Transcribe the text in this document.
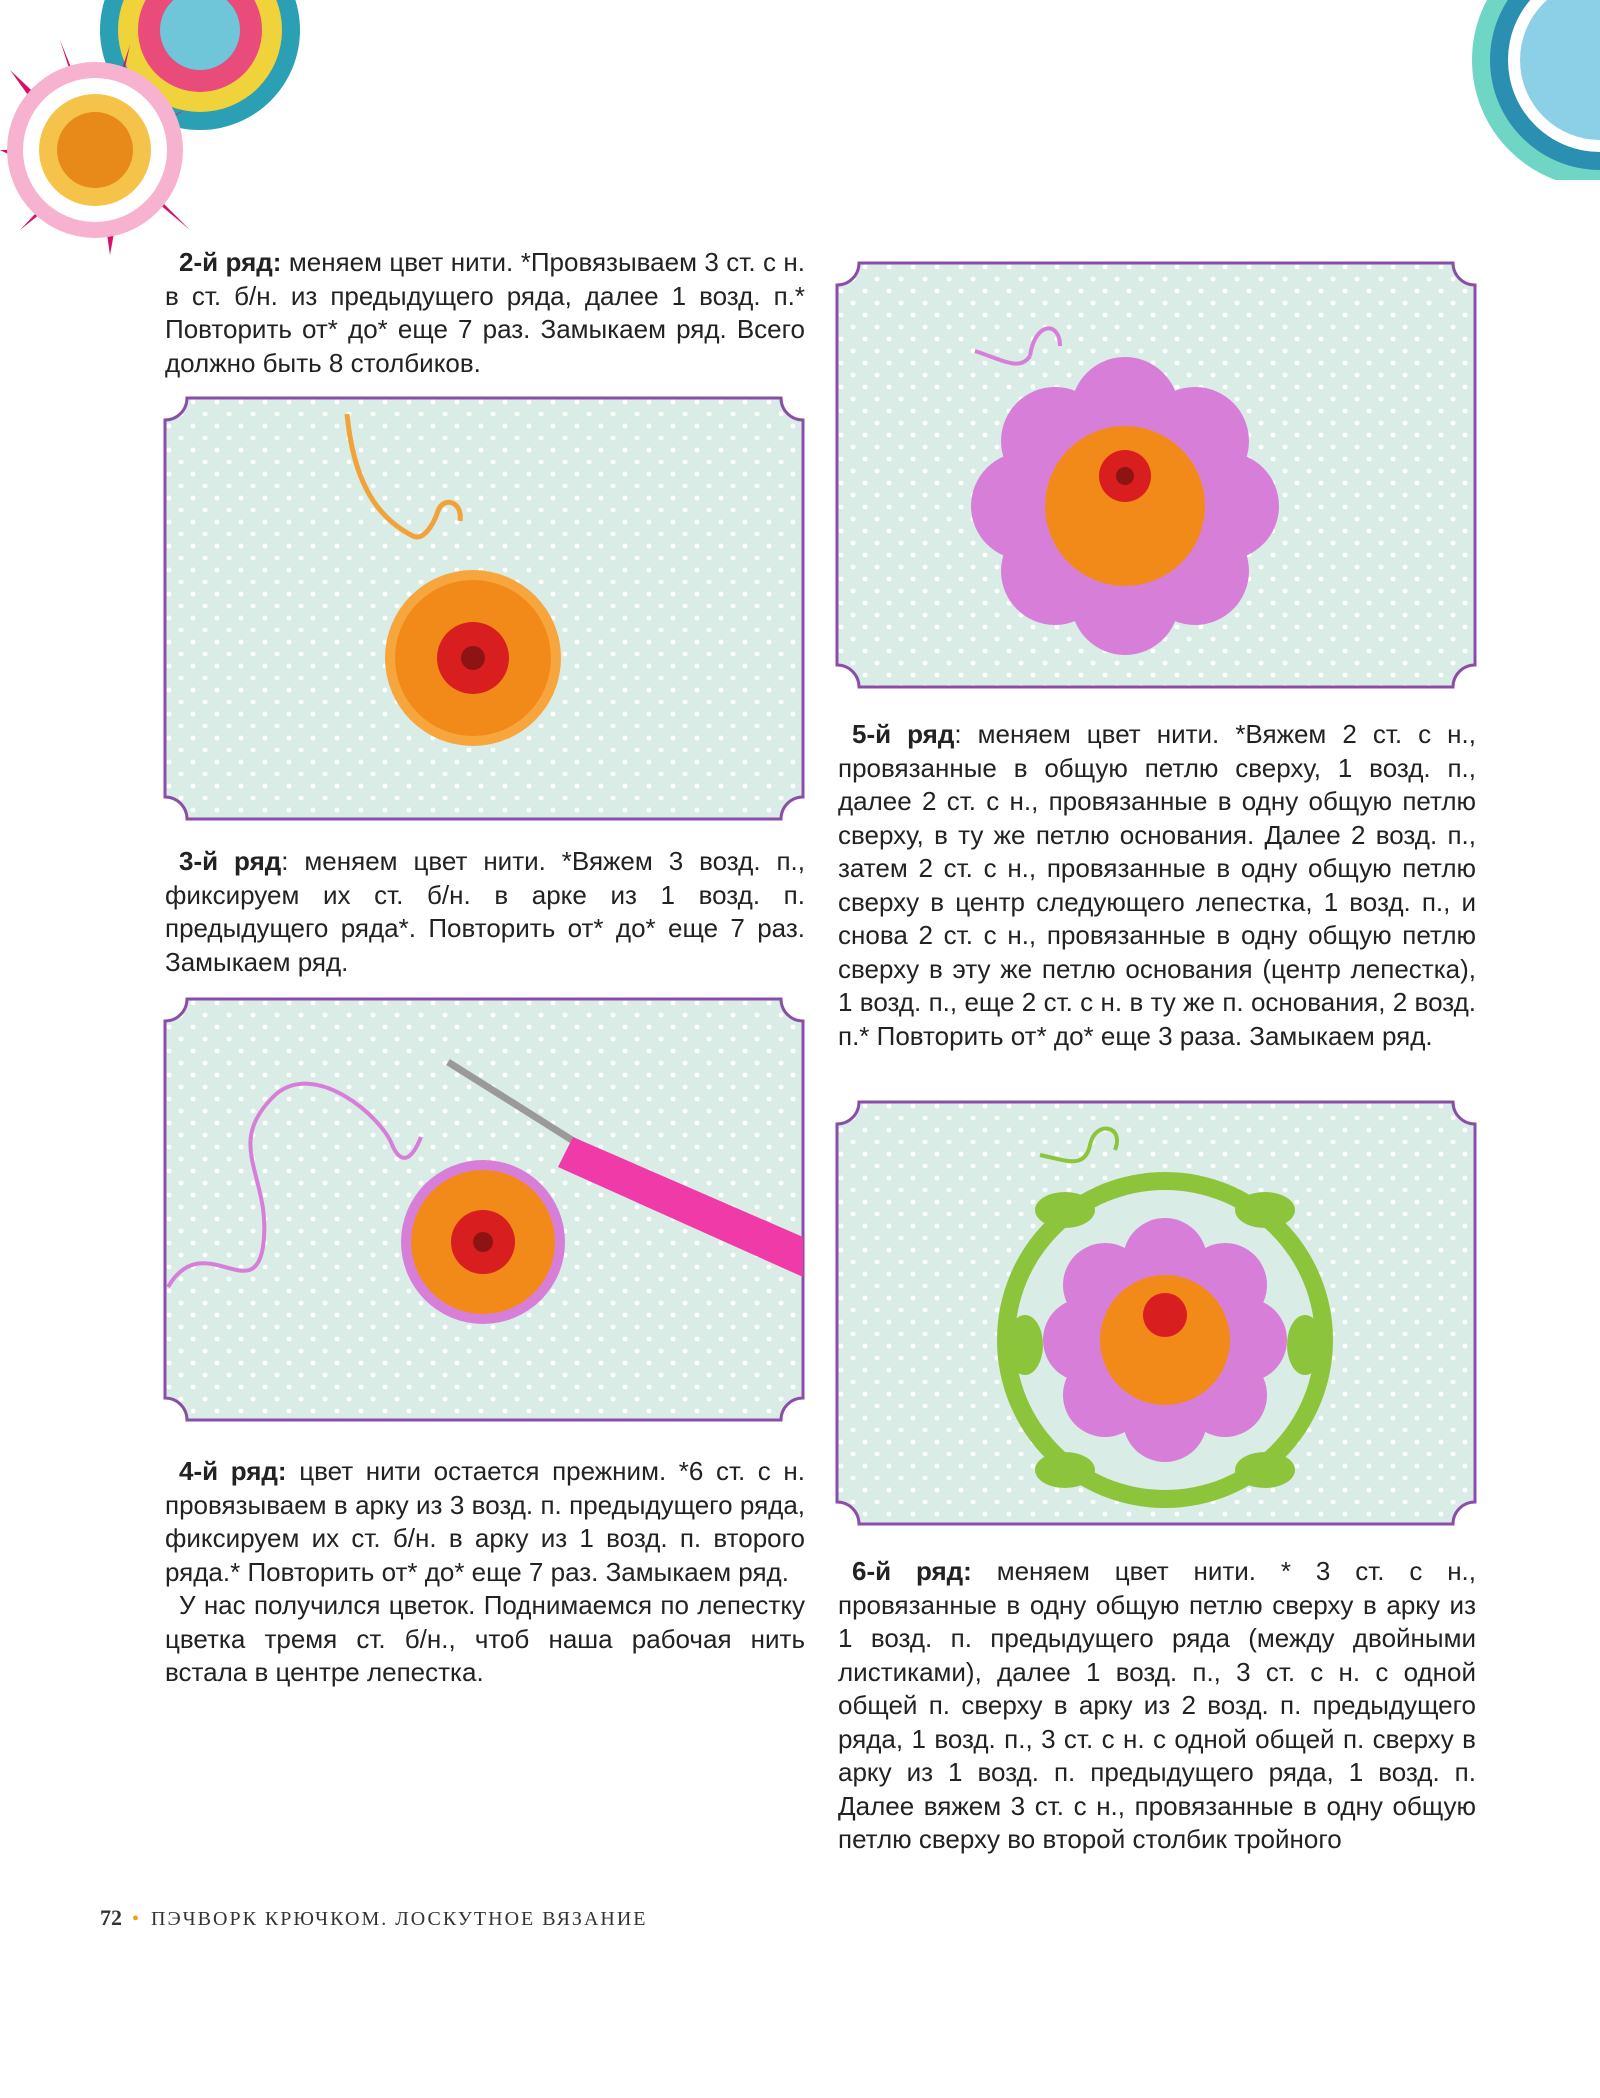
2-й ряд: меняем цвет нити. *Провязываем 3 ст. с н. в ст. б/н. из предыдущего ряда, далее 1 возд. п.* Повторить от* до* еще 7 раз. Замыкаем ряд. Всего должно быть 8 столбиков.

3-й ряд: меняем цвет нити. *Вяжем 3 возд. п., фиксируем их ст. б/н. в арке из 1 возд. п. предыдущего ряда*. Повторить от* до* еще 7 раз. Замыкаем ряд.

4-й ряд: цвет нити остается прежним. *6 ст. с н. провязываем в арку из 3 возд. п. предыдущего ряда, фиксируем их ст. б/н. в арку из 1 возд. п. второго ряда.* Повторить от* до* еще 7 раз. Замыкаем ряд.

У нас получился цветок. Поднимаемся по лепестку цветка тремя ст. б/н., чтоб наша рабочая нить встала в центре лепестка.

5-й ряд: меняем цвет нити. *Вяжем 2 ст. с н., провязанные в общую петлю сверху, 1 возд. п., далее 2 ст. с н., провязанные в одну общую петлю сверху, в ту же петлю основания. Далее 2 возд. п., затем 2 ст. с н., провязанные в одну общую петлю сверху в центр следующего лепестка, 1 возд. п., и снова 2 ст. с н., провязанные в одну общую петлю сверху в эту же петлю основания (центр лепестка), 1 возд. п., еще 2 ст. с н. в ту же п. основания, 2 возд. п.* Повторить от* до* еще 3 раза. Замыкаем ряд.

6-й ряд: меняем цвет нити. * 3 ст. с н., провязанные в одну общую петлю сверху в арку из 1 возд. п. предыдущего ряда (между двойными листиками), далее 1 возд. п., 3 ст. с н. с одной общей п. сверху в арку из 2 возд. п. предыдущего ряда, 1 возд. п., 3 ст. с н. с одной общей п. сверху в арку из 1 возд. п. предыдущего ряда, 1 возд. п. Далее вяжем 3 ст. с н., провязанные в одну общую петлю сверху во второй столбик тройного

72 • ПЭЧВОРК КРЮЧКОМ. ЛОСКУТНОЕ ВЯЗАНИЕ
